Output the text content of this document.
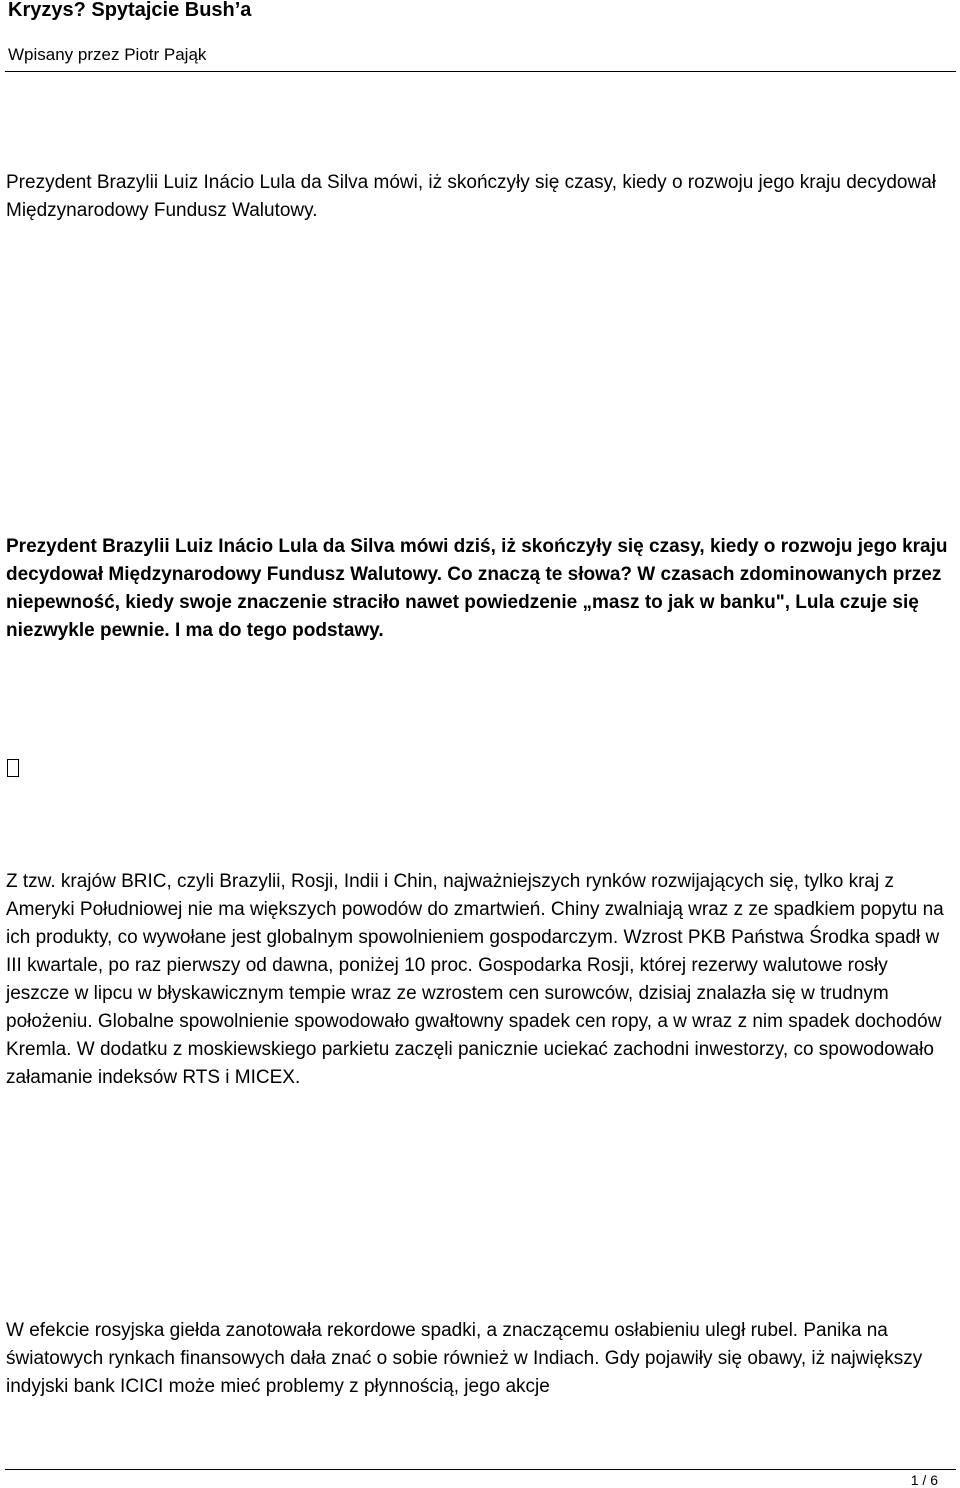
Kryzys? Spytajcie Bush’a
Wpisany przez Piotr Pająk

Prezydent Brazylii Luiz Inácio Lula da Silva mówi, iż skończyły się czasy, kiedy o rozwoju jego kraju decydował Międzynarodowy Fundusz Walutowy.

Prezydent Brazylii Luiz Inácio Lula da Silva mówi dziś, iż skończyły się czasy, kiedy o rozwoju jego kraju decydował Międzynarodowy Fundusz Walutowy. Co znaczą te słowa? W czasach zdominowanych przez niepewność, kiedy swoje znaczenie straciło nawet powiedzenie „masz to jak w banku", Lula czuje się niezwykle pewnie. I ma do tego podstawy.

Z tzw. krajów BRIC, czyli Brazylii, Rosji, Indii i Chin, najważniejszych rynków rozwijających się, tylko kraj z Ameryki Południowej nie ma większych powodów do zmartwień. Chiny zwalniają wraz z ze spadkiem popytu na ich produkty, co wywołane jest globalnym spowolnieniem gospodarczym. Wzrost PKB Państwa Środka spadł w III kwartale, po raz pierwszy od dawna, poniżej 10 proc. Gospodarka Rosji, której rezerwy walutowe rosły jeszcze w lipcu w błyskawicznym tempie wraz ze wzrostem cen surowców, dzisiaj znalazła się w trudnym położeniu. Globalne spowolnienie spowodowało gwałtowny spadek cen ropy, a w wraz z nim spadek dochodów Kremla. W dodatku z moskiewskiego parkietu zaczęli panicznie uciekać zachodni inwestorzy, co spowodowało załamanie indeksów RTS i MICEX.

W efekcie rosyjska giełda zanotowała rekordowe spadki, a znaczącemu osłabieniu uległ rubel. Panika na światowych rynkach finansowych dała znać o sobie również w Indiach. Gdy pojawiły się obawy, iż największy indyjski bank ICICI może mieć problemy z płynnością, jego akcje

1 / 6
